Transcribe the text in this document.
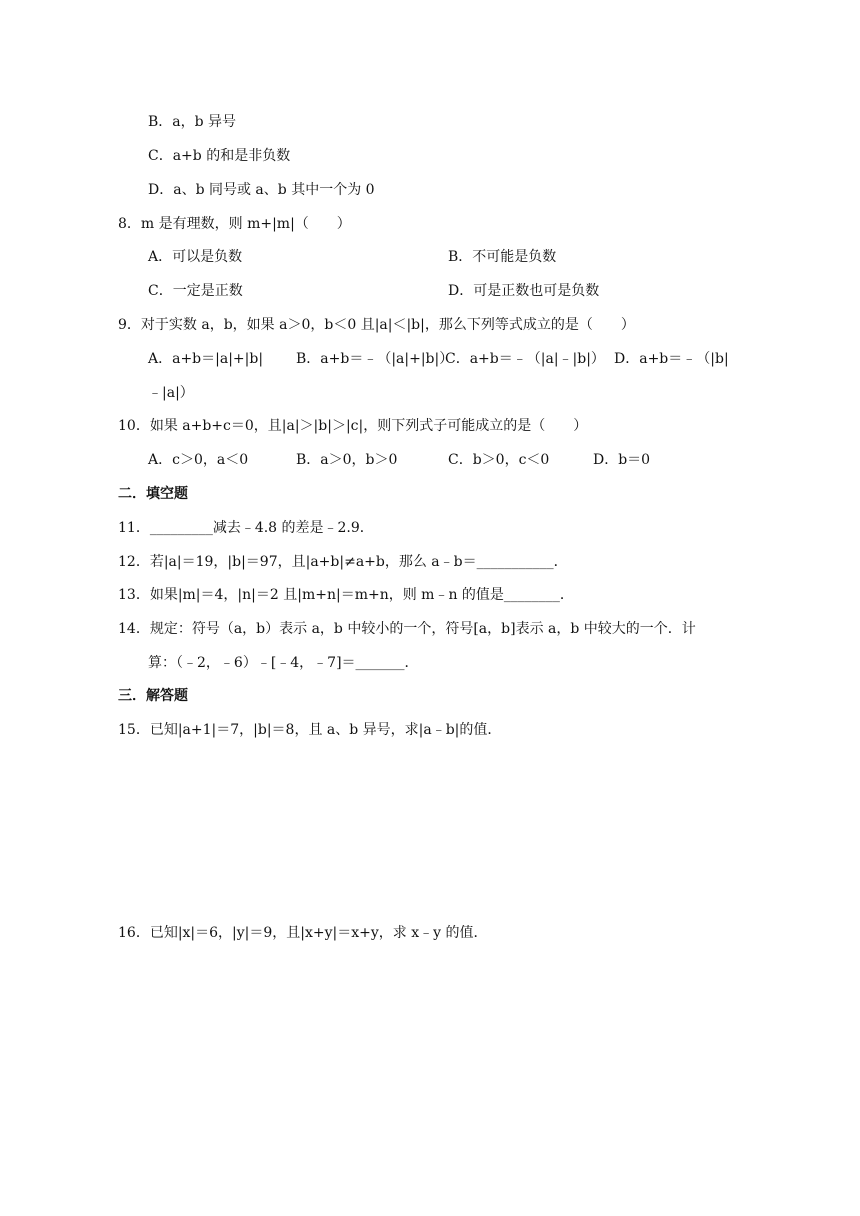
B．a，b 异号
C．a+b 的和是非负数
D．a、b 同号或 a、b 其中一个为 0
8．m 是有理数，则 m+|m|（　　）
A．可以是负数	B．不可能是负数
C．一定是正数	D．可是正数也可是负数
9．对于实数 a，b，如果 a＞0，b＜0 且|a|＜|b|，那么下列等式成立的是（　　）
A．a+b＝|a|+|b| B．a+b＝﹣（|a|+|b|）
C．a+b＝﹣（|a|﹣|b|） D．a+b＝﹣（|b|
﹣|a|）
10．如果 a+b+c＝0，且|a|＞|b|＞|c|，则下列式子可能成立的是（　　）
A．c＞0，a＜0	B．a＞0，b＞0	C．b＞0，c＜0	D．b＝0
二．填空题
11．_________减去﹣4.8 的差是﹣2.9．
12．若|a|＝19，|b|＝97，且|a+b|≠a+b，那么 a﹣b＝___________．
13．如果|m|＝4，|n|＝2 且|m+n|＝m+n，则 m﹣n 的值是________．
14．规定：符号（a，b）表示 a，b 中较小的一个，符号[a，b]表示 a，b 中较大的一个．计
算：（﹣2，﹣6）﹣[﹣4，﹣7]＝_______．
三．解答题
15．已知|a+1|＝7，|b|＝8，且 a、b 异号，求|a﹣b|的值．
16．已知|x|＝6，|y|＝9，且|x+y|＝x+y，求 x﹣y 的值．
